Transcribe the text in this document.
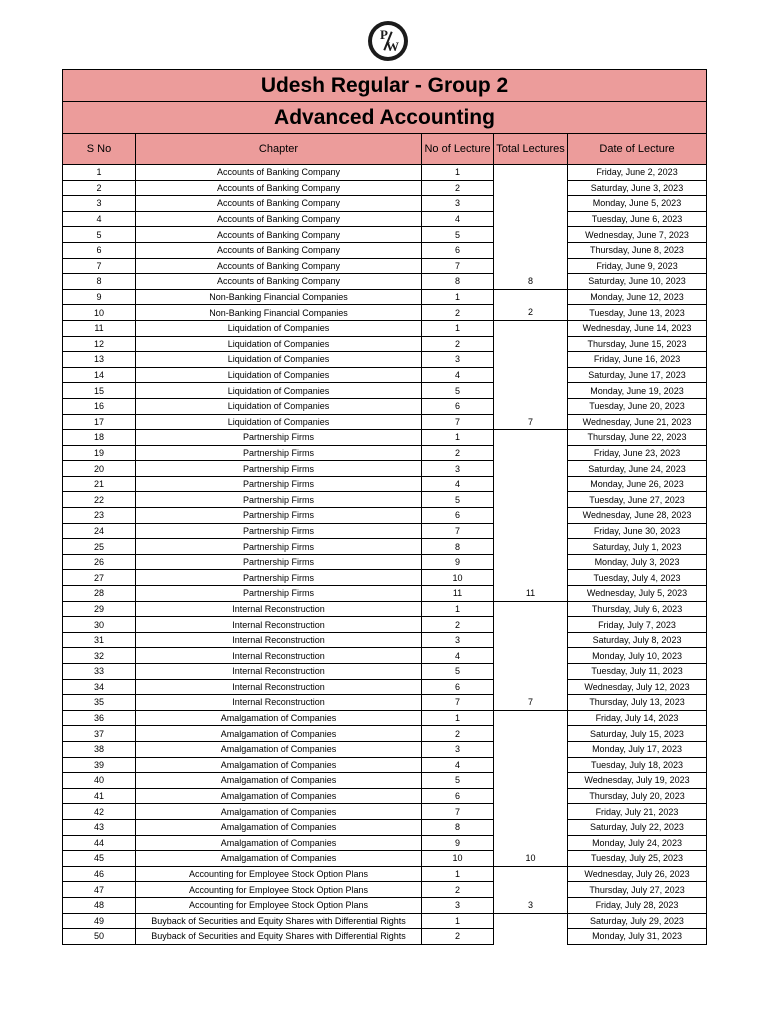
P
W
Udesh Regular - Group 2				
Advanced Accounting				
S No	Chapter	No of Lecture	Total Lectures	Date of Lecture
1	Accounts of Banking Company	1		Friday, June 2, 2023
2	Accounts of Banking Company	2		Saturday, June 3, 2023
3	Accounts of Banking Company	3		Monday, June 5, 2023
4	Accounts of Banking Company	4		Tuesday, June 6, 2023
5	Accounts of Banking Company	5		Wednesday, June 7, 2023
6	Accounts of Banking Company	6		Thursday, June 8, 2023
7	Accounts of Banking Company	7		Friday, June 9, 2023
8	Accounts of Banking Company	8	8	Saturday, June 10, 2023
9	Non-Banking Financial Companies	1		Monday, June 12, 2023
10	Non-Banking Financial Companies	2	2	Tuesday, June 13, 2023
11	Liquidation of Companies	1		Wednesday, June 14, 2023
12	Liquidation of Companies	2		Thursday, June 15, 2023
13	Liquidation of Companies	3		Friday, June 16, 2023
14	Liquidation of Companies	4		Saturday, June 17, 2023
15	Liquidation of Companies	5		Monday, June 19, 2023
16	Liquidation of Companies	6		Tuesday, June 20, 2023
17	Liquidation of Companies	7	7	Wednesday, June 21, 2023
18	Partnership Firms	1		Thursday, June 22, 2023
19	Partnership Firms	2		Friday, June 23, 2023
20	Partnership Firms	3		Saturday, June 24, 2023
21	Partnership Firms	4		Monday, June 26, 2023
22	Partnership Firms	5		Tuesday, June 27, 2023
23	Partnership Firms	6		Wednesday, June 28, 2023
24	Partnership Firms	7		Friday, June 30, 2023
25	Partnership Firms	8		Saturday, July 1, 2023
26	Partnership Firms	9		Monday, July 3, 2023
27	Partnership Firms	10		Tuesday, July 4, 2023
28	Partnership Firms	11	11	Wednesday, July 5, 2023
29	Internal Reconstruction	1		Thursday, July 6, 2023
30	Internal Reconstruction	2		Friday, July 7, 2023
31	Internal Reconstruction	3		Saturday, July 8, 2023
32	Internal Reconstruction	4		Monday, July 10, 2023
33	Internal Reconstruction	5		Tuesday, July 11, 2023
34	Internal Reconstruction	6		Wednesday, July 12, 2023
35	Internal Reconstruction	7	7	Thursday, July 13, 2023
36	Amalgamation of Companies	1		Friday, July 14, 2023
37	Amalgamation of Companies	2		Saturday, July 15, 2023
38	Amalgamation of Companies	3		Monday, July 17, 2023
39	Amalgamation of Companies	4		Tuesday, July 18, 2023
40	Amalgamation of Companies	5		Wednesday, July 19, 2023
41	Amalgamation of Companies	6		Thursday, July 20, 2023
42	Amalgamation of Companies	7		Friday, July 21, 2023
43	Amalgamation of Companies	8		Saturday, July 22, 2023
44	Amalgamation of Companies	9		Monday, July 24, 2023
45	Amalgamation of Companies	10	10	Tuesday, July 25, 2023
46	Accounting for Employee Stock Option Plans	1		Wednesday, July 26, 2023
47	Accounting for Employee Stock Option Plans	2		Thursday, July 27, 2023
48	Accounting for Employee Stock Option Plans	3	3	Friday, July 28, 2023
49	Buyback of Securities and Equity Shares with Differential Rights	1		Saturday, July 29, 2023
50	Buyback of Securities and Equity Shares with Differential Rights	2		Monday, July 31, 2023
